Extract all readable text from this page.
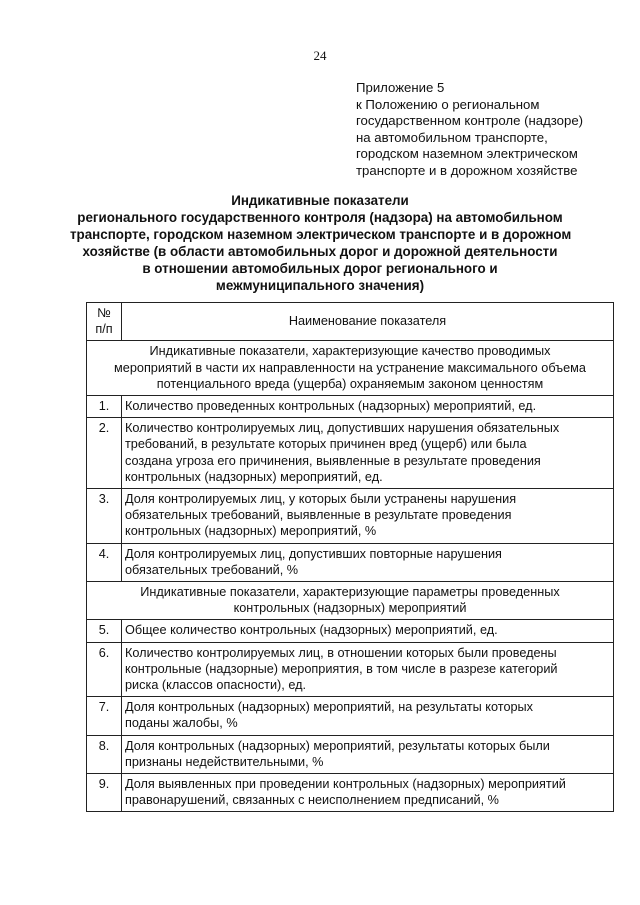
24
Приложение 5
к Положению о региональном
государственном контроле (надзоре)
на автомобильном транспорте,
городском наземном электрическом
транспорте и в дорожном хозяйстве
Индикативные показатели
регионального государственного контроля (надзора) на автомобильном
транспорте, городском наземном электрическом транспорте и в дорожном
хозяйстве (в области автомобильных дорог и дорожной деятельности
в отношении автомобильных дорог регионального и
межмуниципального значения)
№
п/п	Наименование показателя

Индикативные показатели, характеризующие качество проводимых
мероприятий в части их направленности на устранение максимального объема
потенциального вреда (ущерба) охраняемым законом ценностям	

1.	Количество проведенных контрольных (надзорных) мероприятий, ед.

2.	Количество контролируемых лиц, допустивших нарушения обязательных
требований, в результате которых причинен вред (ущерб) или была
создана угроза его причинения, выявленные в результате проведения
контрольных (надзорных) мероприятий, ед.

3.	Доля контролируемых лиц, у которых были устранены нарушения
обязательных требований, выявленные в результате проведения
контрольных (надзорных) мероприятий, %

4.	Доля контролируемых лиц, допустивших повторные нарушения
обязательных требований, %

Индикативные показатели, характеризующие параметры проведенных
контрольных (надзорных) мероприятий	

5.	Общее количество контрольных (надзорных) мероприятий, ед.

6.	Количество контролируемых лиц, в отношении которых были проведены
контрольные (надзорные) мероприятия, в том числе в разрезе категорий
риска (классов опасности), ед.

7.	Доля контрольных (надзорных) мероприятий, на результаты которых
поданы жалобы, %

8.	Доля контрольных (надзорных) мероприятий, результаты которых были
признаны недействительными, %

9.	Доля выявленных при проведении контрольных (надзорных) мероприятий
правонарушений, связанных с неисполнением предписаний, %
